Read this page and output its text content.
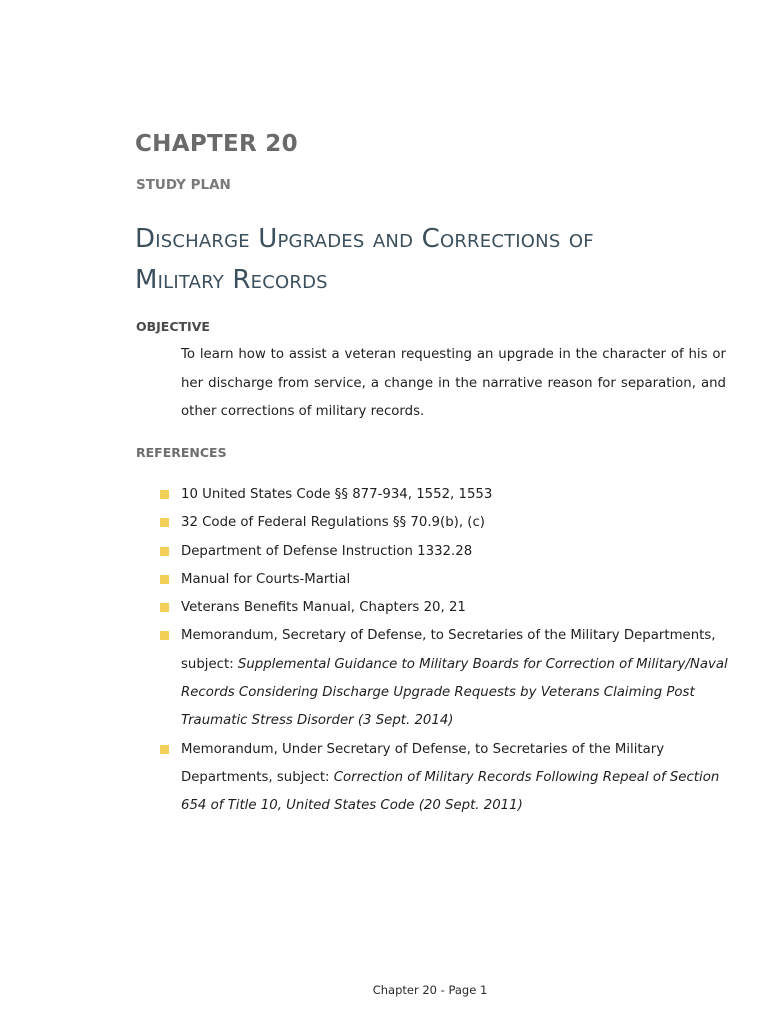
CHAPTER 20
STUDY PLAN
Discharge Upgrades and Corrections of
Military Records
OBJECTIVE

To learn how to assist a veteran requesting an upgrade in the character of his or her discharge from service, a change in the narrative reason for separation, and other corrections of military records.

REFERENCES
10 United States Code §§ 877-934, 1552, 1553
32 Code of Federal Regulations §§ 70.9(b), (c)
Department of Defense Instruction 1332.28
Manual for Courts-Martial
Veterans Benefits Manual, Chapters 20, 21
Memorandum, Secretary of Defense, to Secretaries of the Military Departments, subject: Supplemental Guidance to Military Boards for Correction of Military/Naval Records Considering Discharge Upgrade Requests by Veterans Claiming Post Traumatic Stress Disorder (3 Sept. 2014)
Memorandum, Under Secretary of Defense, to Secretaries of the Military Departments, subject: Correction of Military Records Following Repeal of Section 654 of Title 10, United States Code (20 Sept. 2011)
Chapter 20 - Page 1
